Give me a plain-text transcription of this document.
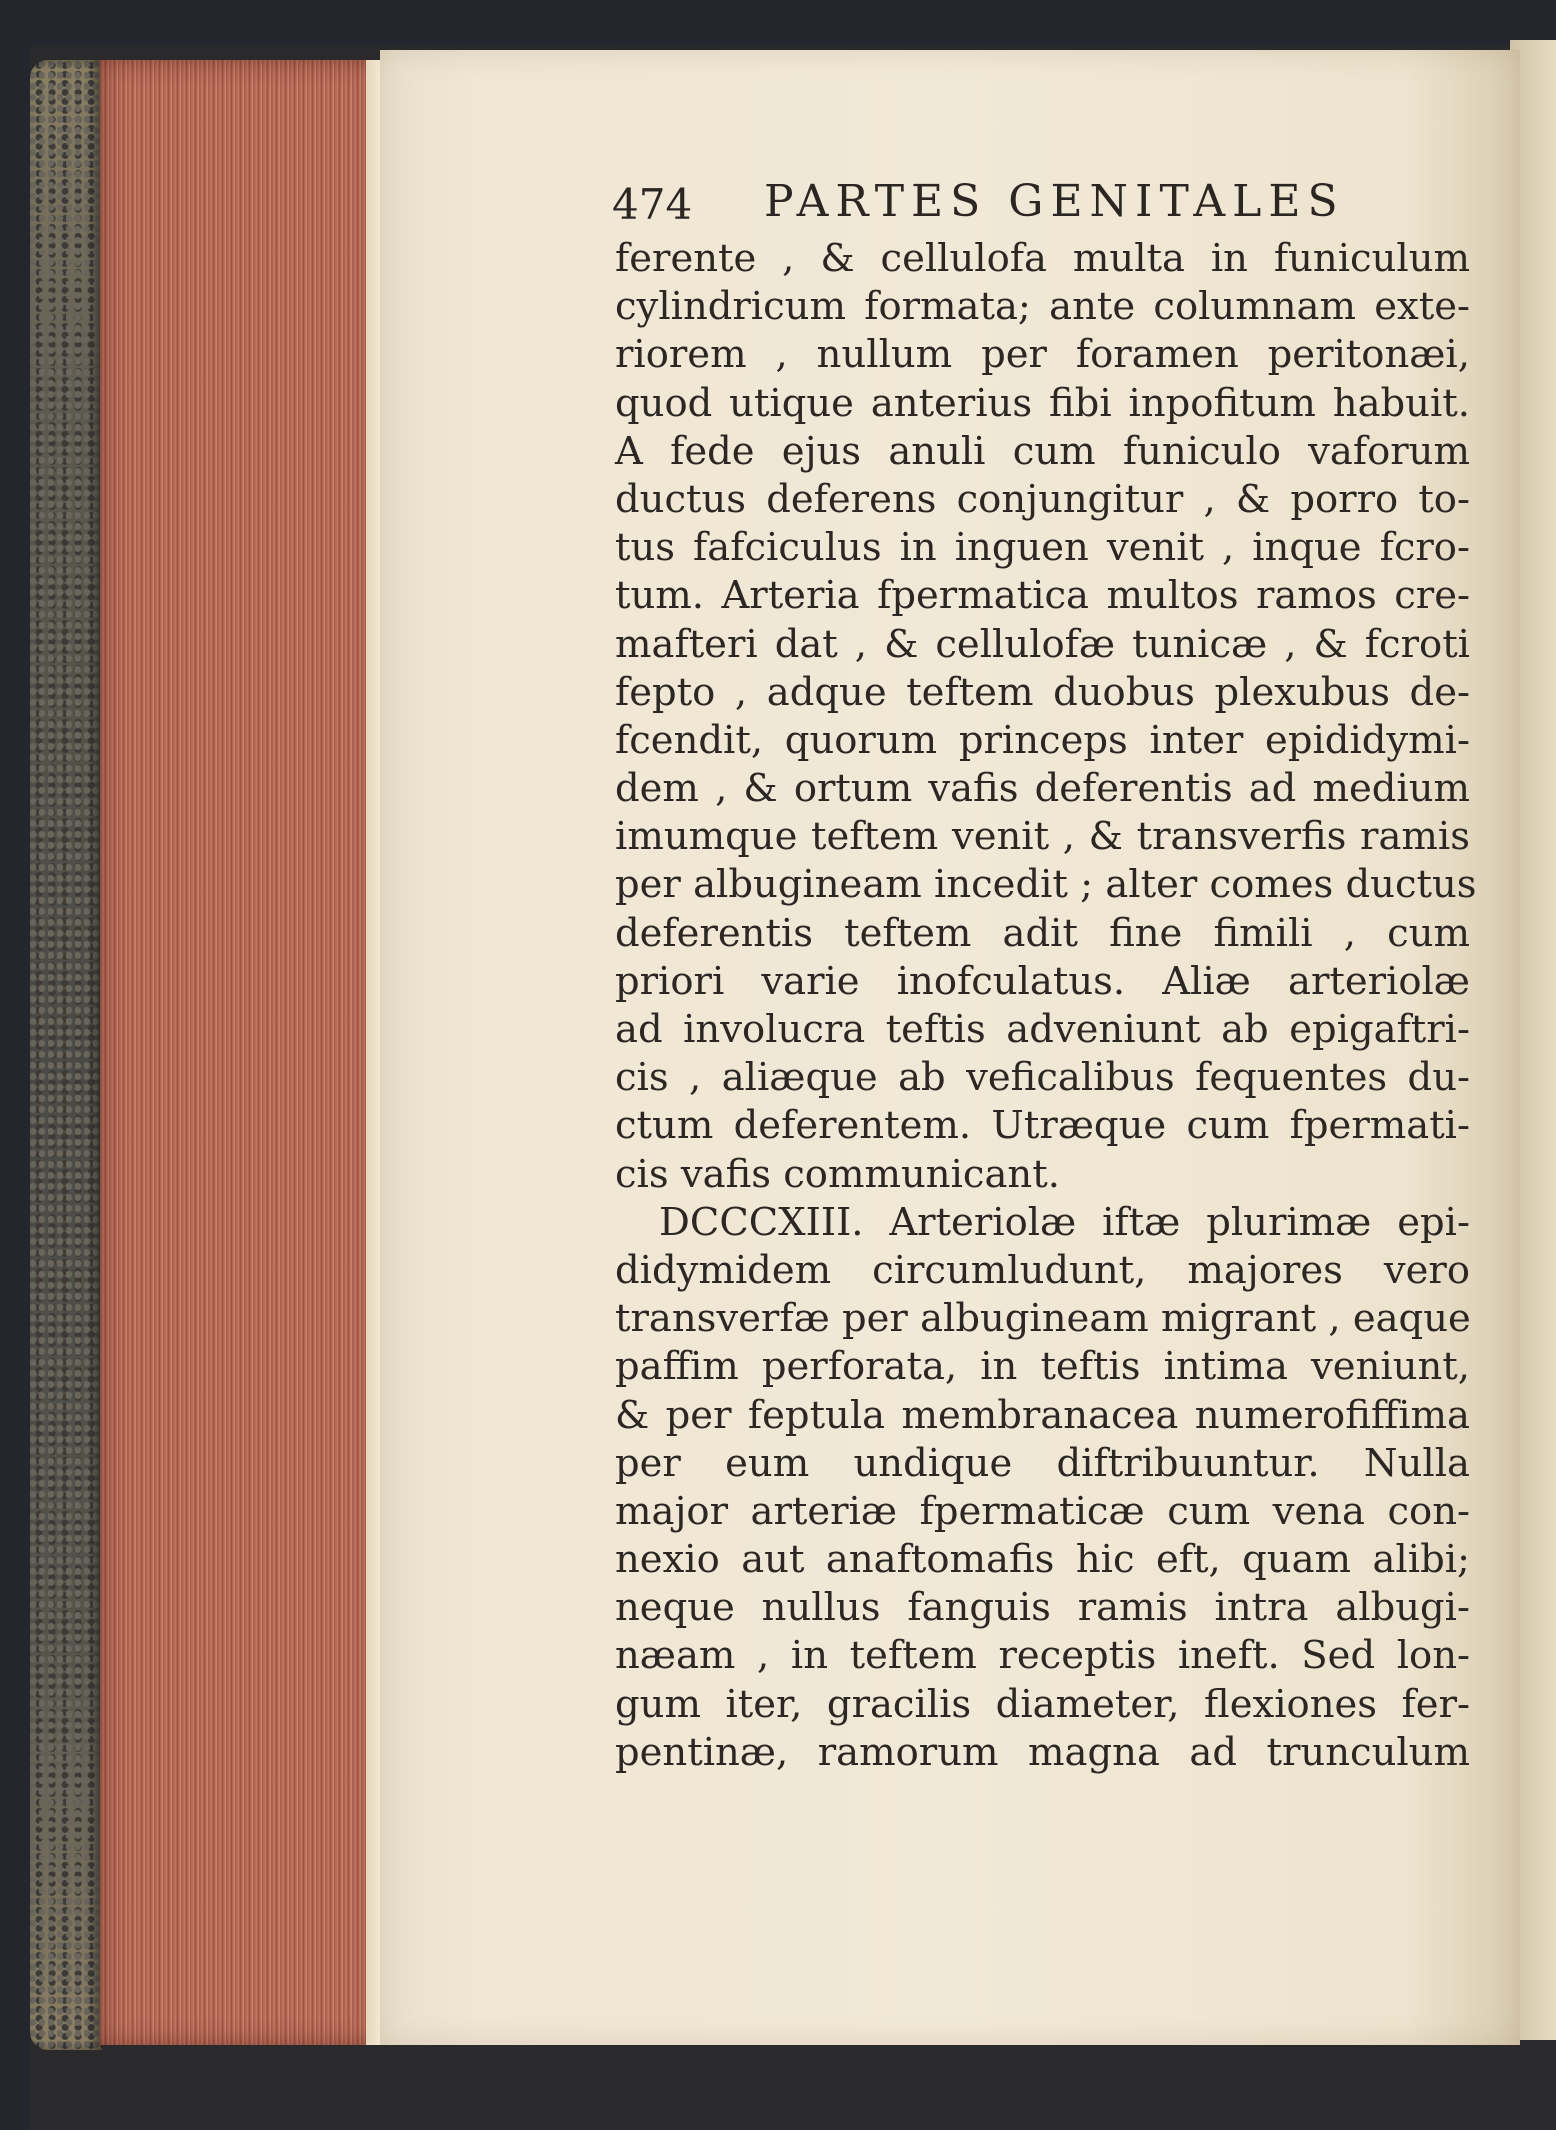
474 PARTES GENITALES
ferente , & cellulofa multa in funiculum
cylindricum formata; ante columnam exte-
riorem , nullum per foramen peritonæi,
quod utique anterius fibi inpofitum habuit.
A fede ejus anuli cum funiculo vaforum
ductus deferens conjungitur , & porro to-
tus fafciculus in inguen venit , inque fcro-
tum. Arteria fpermatica multos ramos cre-
mafteri dat , & cellulofæ tunicæ , & fcroti
fepto , adque teftem duobus plexubus de-
fcendit, quorum princeps inter epididymi-
dem , & ortum vafis deferentis ad medium
imumque teftem venit , & transverfis ramis
per albugineam incedit ; alter comes ductus
deferentis teftem adit fine fimili , cum
priori varie inofculatus. Aliæ arteriolæ
ad involucra teftis adveniunt ab epigaftri-
cis , aliæque ab veficalibus fequentes du-
ctum deferentem. Utræque cum fpermati-
cis vafis communicant.
DCCCXIII. Arteriolæ iftæ plurimæ epi-
didymidem circumludunt, majores vero
transverfæ per albugineam migrant , eaque
paffim perforata, in teftis intima veniunt,
& per feptula membranacea numerofiffima
per eum undique diftribuuntur. Nulla
major arteriæ fpermaticæ cum vena con-
nexio aut anaftomafis hic eft, quam alibi;
neque nullus fanguis ramis intra albugi-
næam , in teftem receptis ineft. Sed lon-
gum iter, gracilis diameter, flexiones fer-
pentinæ, ramorum magna ad trunculum
